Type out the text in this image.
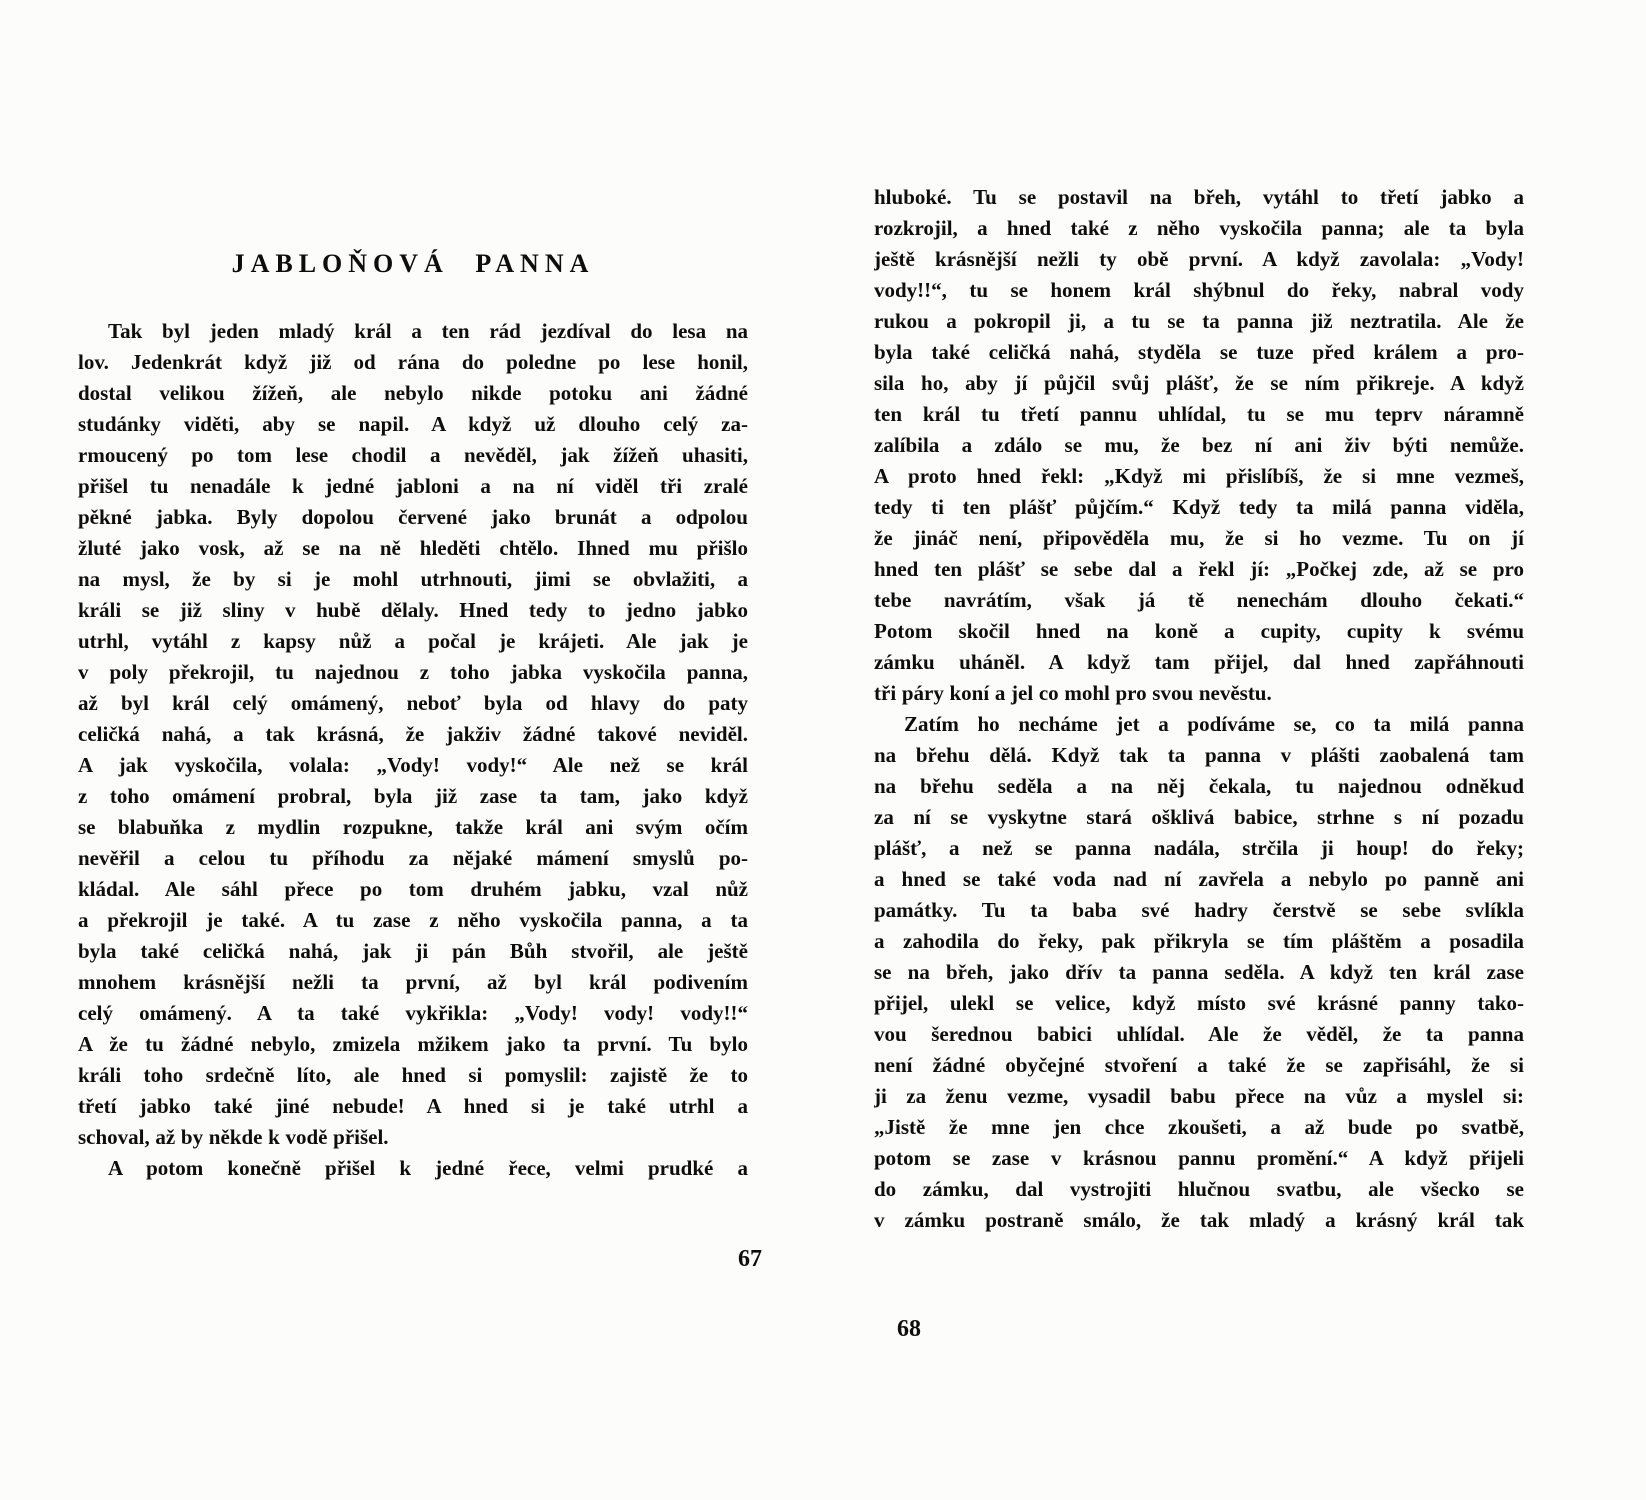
JABLOŇOVÁ PANNA
Tak byl jeden mladý král a ten rád jezdíval do lesa na
lov. Jedenkrát když již od rána do poledne po lese honil,
dostal velikou žížeň, ale nebylo nikde potoku ani žádné
studánky viděti, aby se napil. A když už dlouho celý za-
rmoucený po tom lese chodil a nevěděl, jak žížeň uhasiti,
přišel tu nenadále k jedné jabloni a na ní viděl tři zralé
pěkné jabka. Byly dopolou červené jako brunát a odpolou
žluté jako vosk, až se na ně hleděti chtělo. Ihned mu přišlo
na mysl, že by si je mohl utrhnouti, jimi se obvlažiti, a
králi se již sliny v hubě dělaly. Hned tedy to jedno jabko
utrhl, vytáhl z kapsy nůž a počal je krájeti. Ale jak je
v poly překrojil, tu najednou z toho jabka vyskočila panna,
až byl král celý omámený, neboť byla od hlavy do paty
celičká nahá, a tak krásná, že jakživ žádné takové neviděl.
A jak vyskočila, volala: „Vody! vody!“ Ale než se král
z toho omámení probral, byla již zase ta tam, jako když
se blabuňka z mydlin rozpukne, takže král ani svým očím
nevěřil a celou tu příhodu za nějaké mámení smyslů po-
kládal. Ale sáhl přece po tom druhém jabku, vzal nůž
a překrojil je také. A tu zase z něho vyskočila panna, a ta
byla také celičká nahá, jak ji pán Bůh stvořil, ale ještě
mnohem krásnější nežli ta první, až byl král podivením
celý omámený. A ta také vykřikla: „Vody! vody! vody!!“
A že tu žádné nebylo, zmizela mžikem jako ta první. Tu bylo
králi toho srdečně líto, ale hned si pomyslil: zajistě že to
třetí jabko také jiné nebude! A hned si je také utrhl a
schoval, až by někde k vodě přišel.
A potom konečně přišel k jedné řece, velmi prudké a
hluboké. Tu se postavil na břeh, vytáhl to třetí jabko a
rozkrojil, a hned také z něho vyskočila panna; ale ta byla
ještě krásnější nežli ty obě první. A když zavolala: „Vody!
vody!!“, tu se honem král shýbnul do řeky, nabral vody
rukou a pokropil ji, a tu se ta panna již neztratila. Ale že
byla také celičká nahá, styděla se tuze před králem a pro-
sila ho, aby jí půjčil svůj plášť, že se ním přikreje. A když
ten král tu třetí pannu uhlídal, tu se mu teprv náramně
zalíbila a zdálo se mu, že bez ní ani živ býti nemůže.
A proto hned řekl: „Když mi přislíbíš, že si mne vezmeš,
tedy ti ten plášť půjčím.“ Když tedy ta milá panna viděla,
že jináč není, připověděla mu, že si ho vezme. Tu on jí
hned ten plášť se sebe dal a řekl jí: „Počkej zde, až se pro
tebe navrátím, však já tě nenechám dlouho čekati.“
Potom skočil hned na koně a cupity, cupity k svému
zámku uháněl. A když tam přijel, dal hned zapřáhnouti
tři páry koní a jel co mohl pro svou nevěstu.
Zatím ho necháme jet a podíváme se, co ta milá panna
na břehu dělá. Když tak ta panna v plášti zaobalená tam
na břehu seděla a na něj čekala, tu najednou odněkud
za ní se vyskytne stará ošklivá babice, strhne s ní pozadu
plášť, a než se panna nadála, strčila ji houp! do řeky;
a hned se také voda nad ní zavřela a nebylo po panně ani
památky. Tu ta baba své hadry čerstvě se sebe svlíkla
a zahodila do řeky, pak přikryla se tím pláštěm a posadila
se na břeh, jako dřív ta panna seděla. A když ten král zase
přijel, ulekl se velice, když místo své krásné panny tako-
vou šerednou babici uhlídal. Ale že věděl, že ta panna
není žádné obyčejné stvoření a také že se zapřisáhl, že si
ji za ženu vezme, vysadil babu přece na vůz a myslel si:
„Jistě že mne jen chce zkoušeti, a až bude po svatbě,
potom se zase v krásnou pannu promění.“ A když přijeli
do zámku, dal vystrojiti hlučnou svatbu, ale všecko se
v zámku postraně smálo, že tak mladý a krásný král tak
67
68
